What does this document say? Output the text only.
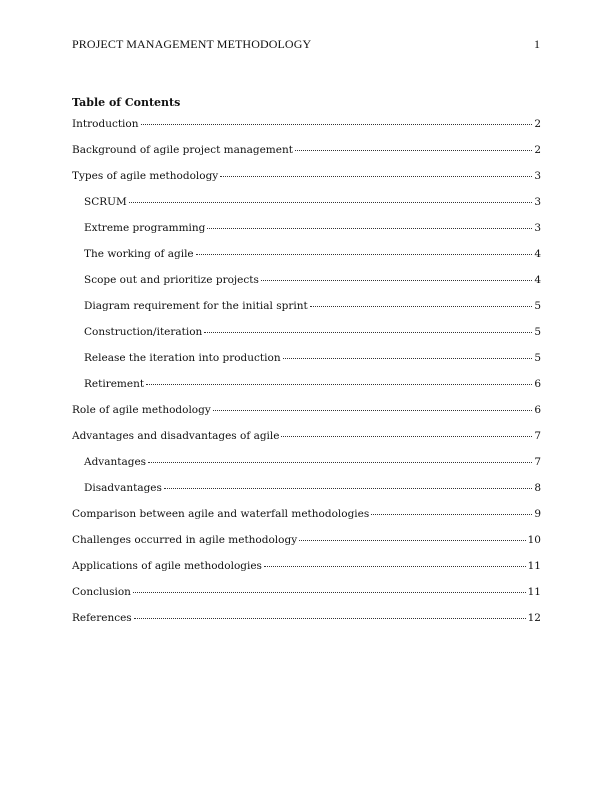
PROJECT MANAGEMENT METHODOLOGY	1
Table of Contents
Introduction	2
Background of agile project management	2
Types of agile methodology	3
SCRUM	3
Extreme programming	3
The working of agile	4
Scope out and prioritize projects	4
Diagram requirement for the initial sprint	5
Construction/iteration	5
Release the iteration into production	5
Retirement	6
Role of agile methodology	6
Advantages and disadvantages of agile	7
Advantages	7
Disadvantages	8
Comparison between agile and waterfall methodologies	9
Challenges occurred in agile methodology	10
Applications of agile methodologies	11
Conclusion	11
References	12
